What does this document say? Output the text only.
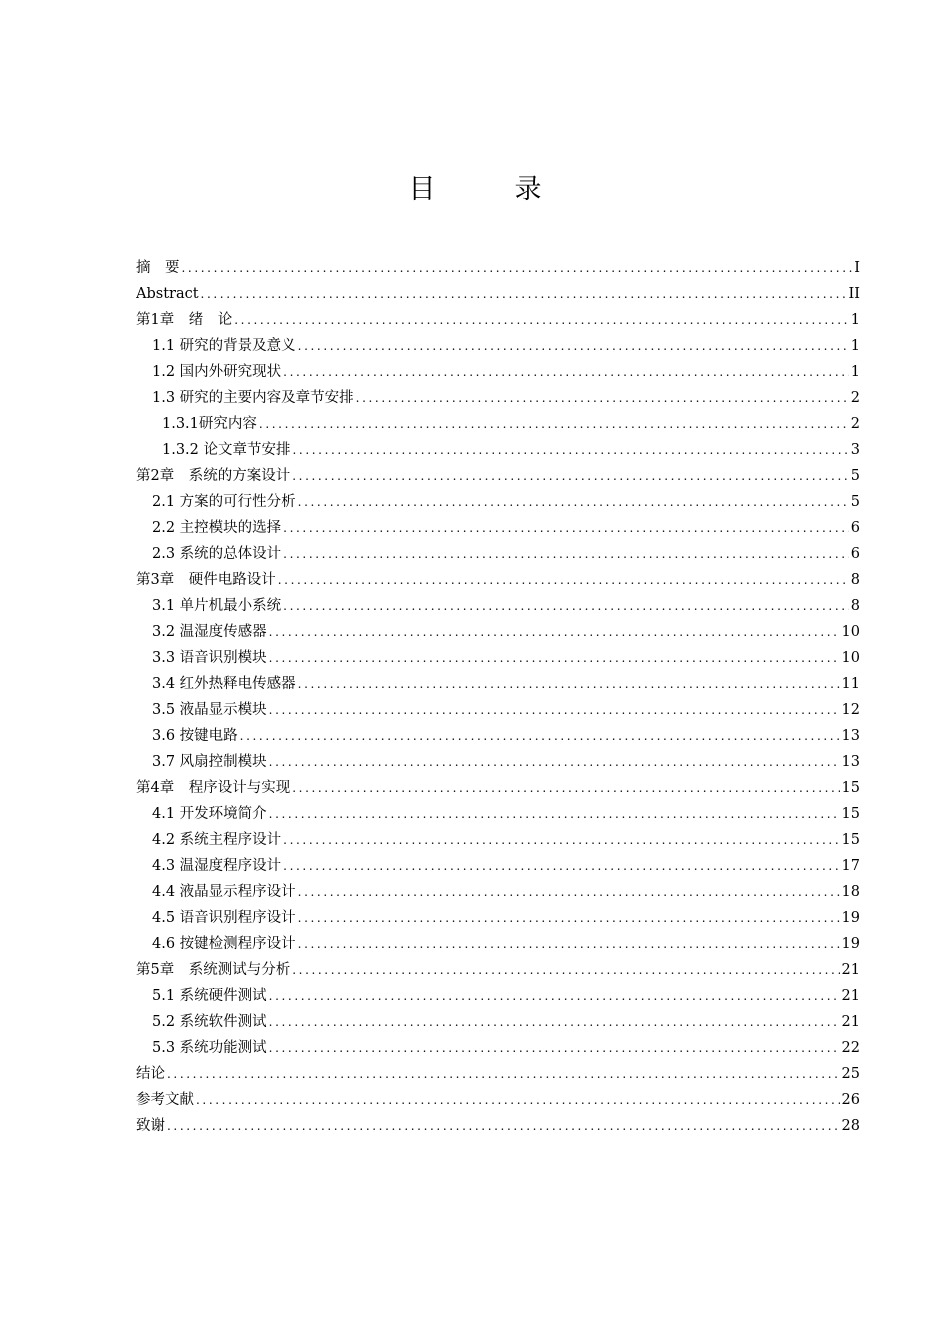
目　录
摘　要 .....	I
Abstract .....	II
第1章　绪　论 .....	1
1.1 研究的背景及意义 .....	1
1.2 国内外研究现状 .....	1
1.3 研究的主要内容及章节安排 .....	2
1.3.1研究内容 .....	2
1.3.2 论文章节安排 .....	3
第2章　系统的方案设计 .....	5
2.1 方案的可行性分析 .....	5
2.2 主控模块的选择 .....	6
2.3 系统的总体设计 .....	6
第3章　硬件电路设计 .....	8
3.1 单片机最小系统 .....	8
3.2 温湿度传感器 .....	10
3.3 语音识别模块 .....	10
3.4 红外热释电传感器 .....	11
3.5 液晶显示模块 .....	12
3.6 按键电路 .....	13
3.7 风扇控制模块 .....	13
第4章　程序设计与实现 .....	15
4.1 开发环境简介 .....	15
4.2 系统主程序设计 .....	15
4.3 温湿度程序设计 .....	17
4.4 液晶显示程序设计 .....	18
4.5 语音识别程序设计 .....	19
4.6 按键检测程序设计 .....	19
第5章　系统测试与分析 .....	21
5.1 系统硬件测试 .....	21
5.2 系统软件测试 .....	21
5.3 系统功能测试 .....	22
结论 .....	25
参考文献 .....	26
致谢 .....	28
